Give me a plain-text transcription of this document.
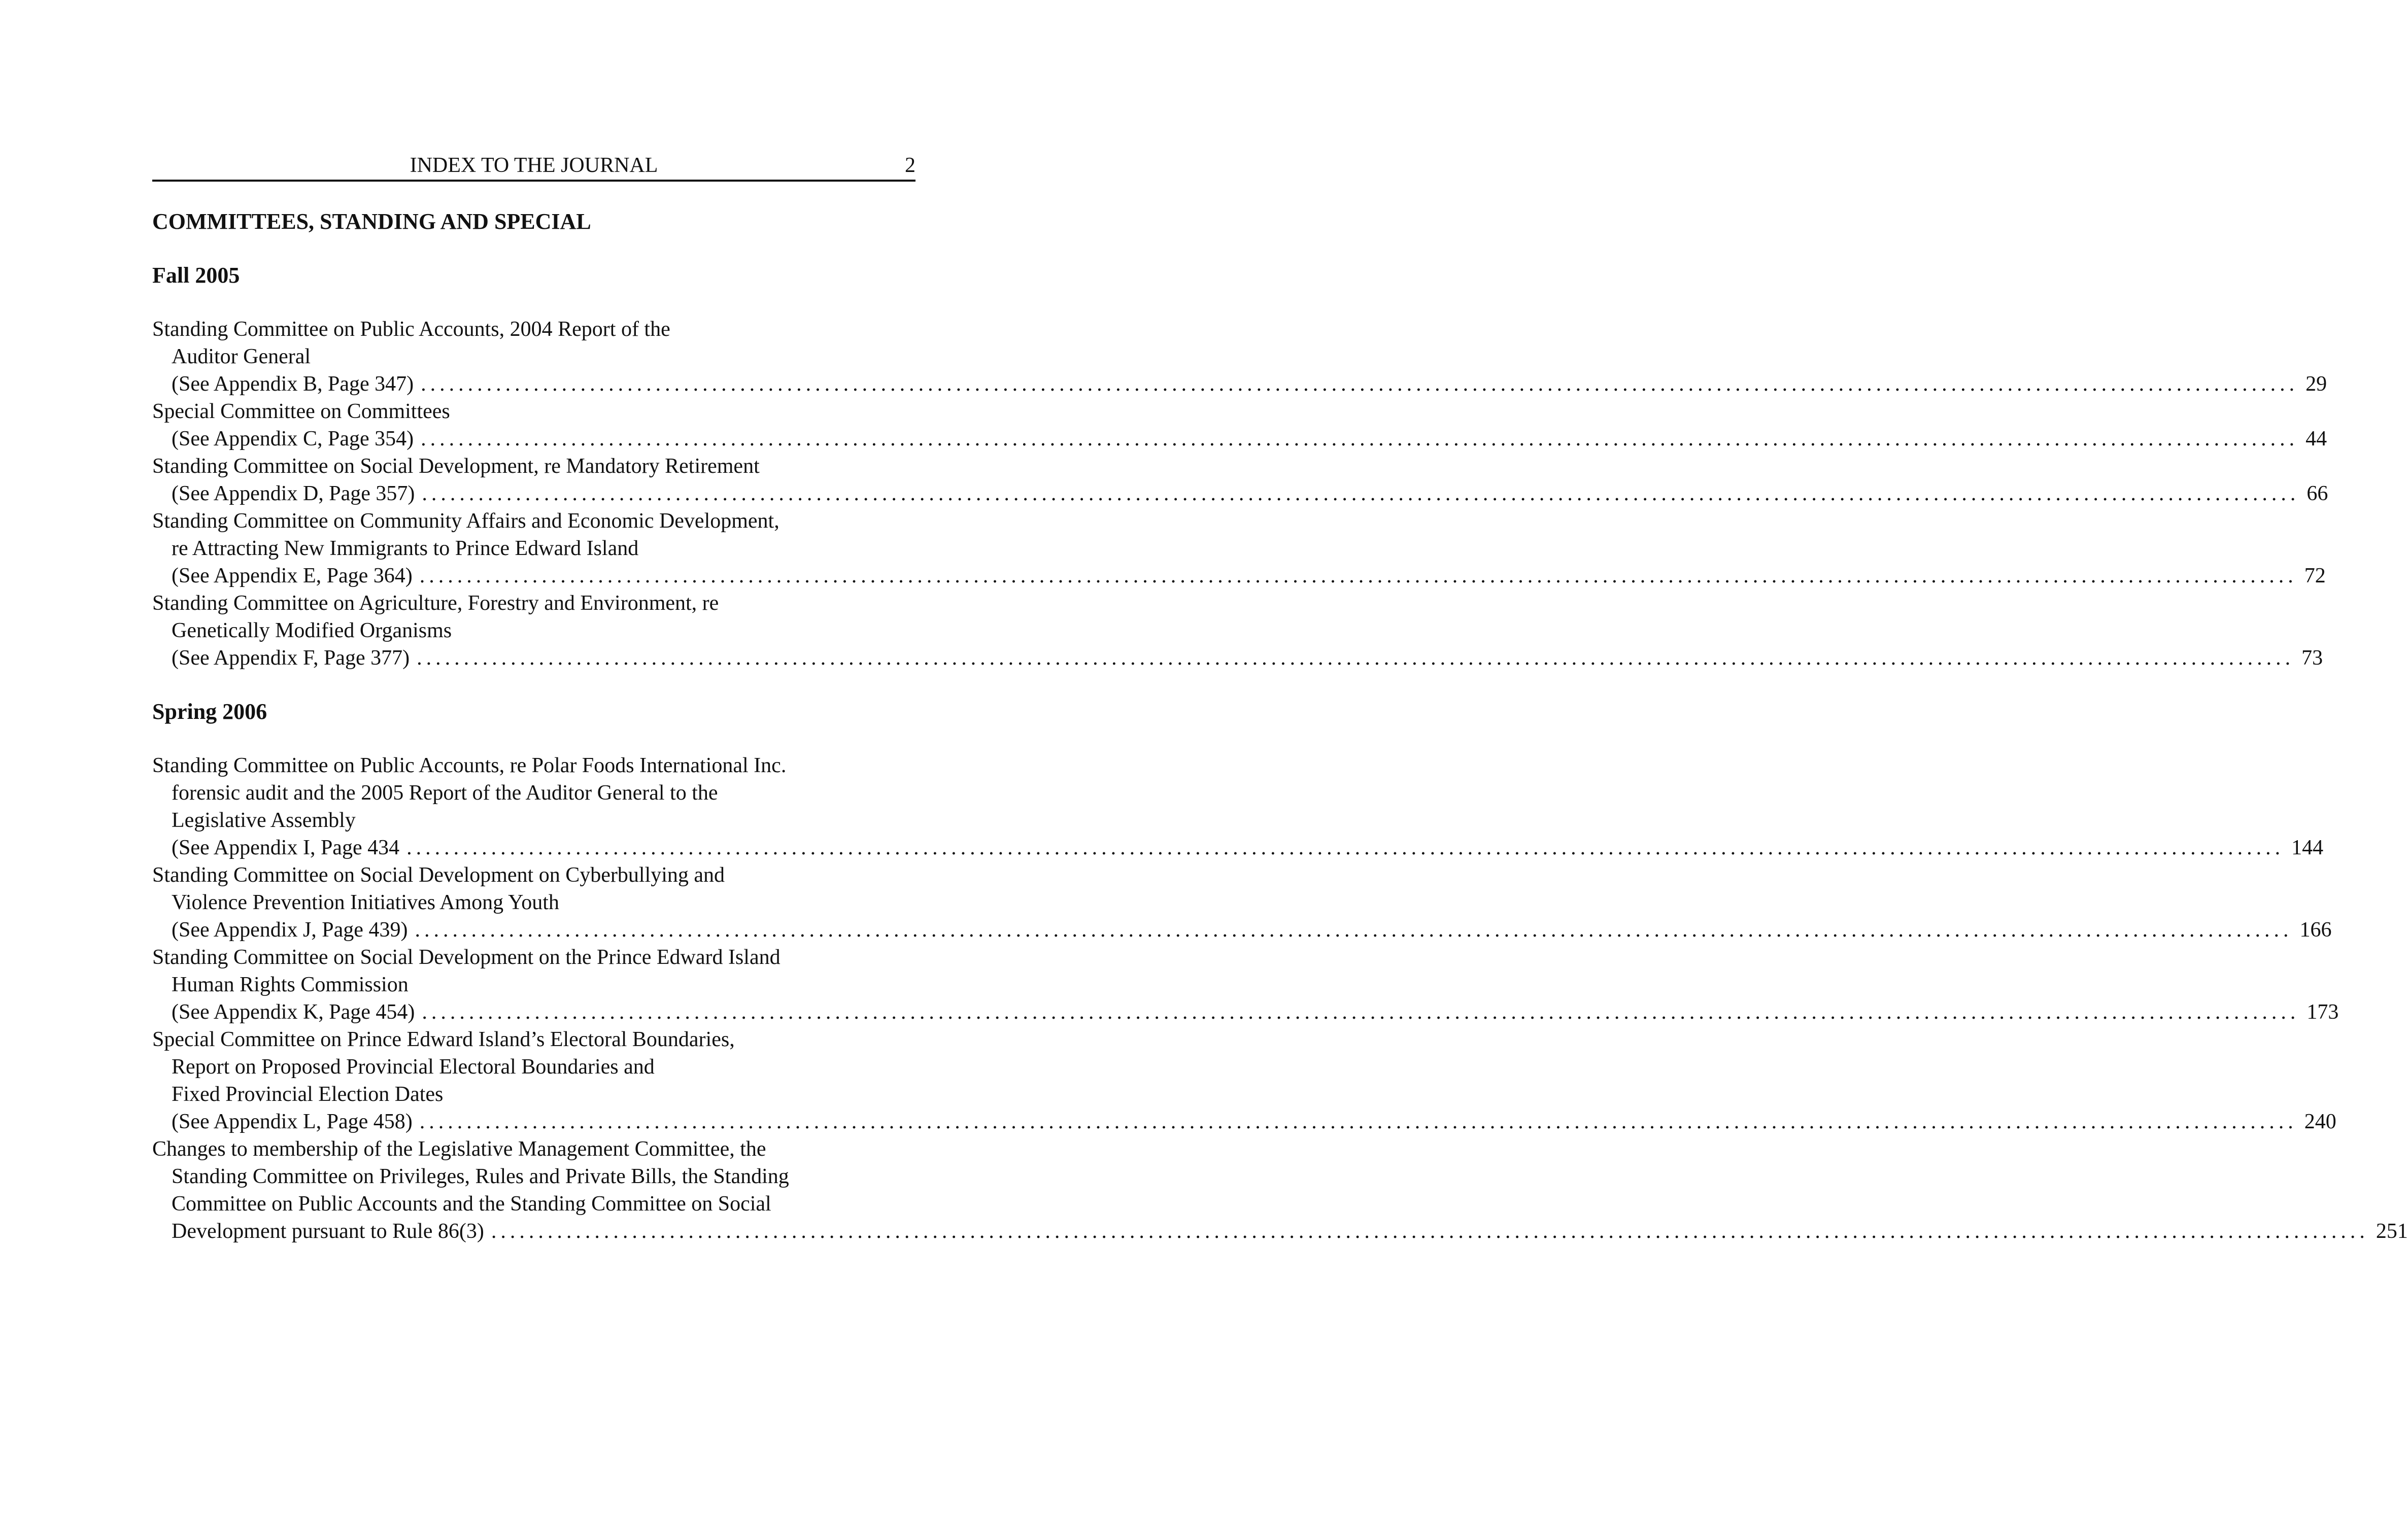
INDEX TO THE JOURNAL	2
COMMITTEES, STANDING AND SPECIAL
Fall 2005
Standing Committee on Public Accounts, 2004 Report of the
Auditor General
(See Appendix B, Page 347) ........................................................................................................................................................................................................ 29
Special Committee on Committees
(See Appendix C, Page 354) ........................................................................................................................................................................................................ 44
Standing Committee on Social Development, re Mandatory Retirement
(See Appendix D, Page 357) ........................................................................................................................................................................................................ 66
Standing Committee on Community Affairs and Economic Development,
re Attracting New Immigrants to Prince Edward Island
(See Appendix E, Page 364) ........................................................................................................................................................................................................ 72
Standing Committee on Agriculture, Forestry and Environment, re
Genetically Modified Organisms
(See Appendix F, Page 377) ........................................................................................................................................................................................................ 73
Spring 2006
Standing Committee on Public Accounts, re Polar Foods International Inc.
forensic audit and the 2005 Report of the Auditor General to the
Legislative Assembly
(See Appendix I, Page 434 ........................................................................................................................................................................................................ 144
Standing Committee on Social Development on Cyberbullying and
Violence Prevention Initiatives Among Youth
(See Appendix J, Page 439) ........................................................................................................................................................................................................ 166
Standing Committee on Social Development on the Prince Edward Island
Human Rights Commission
(See Appendix K, Page 454) ........................................................................................................................................................................................................ 173
Special Committee on Prince Edward Island’s Electoral Boundaries,
Report on Proposed Provincial Electoral Boundaries and
Fixed Provincial Election Dates
(See Appendix L, Page 458) ........................................................................................................................................................................................................ 240
Changes to membership of the Legislative Management Committee, the
Standing Committee on Privileges, Rules and Private Bills, the Standing
Committee on Public Accounts and the Standing Committee on Social
Development pursuant to Rule 86(3) ........................................................................................................................................................................................................ 251
